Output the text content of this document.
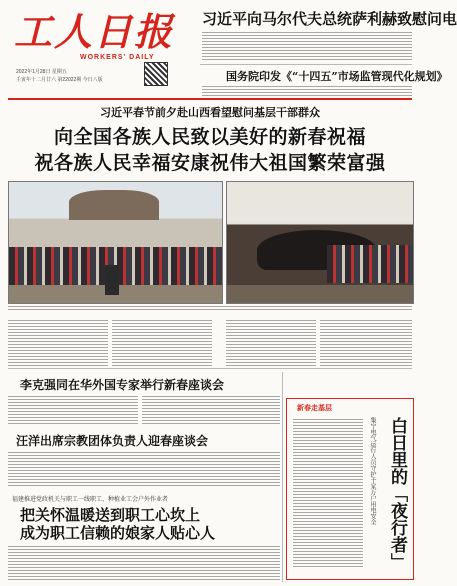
工人日报
WORKERS' DAILY
2022年1月28日 星期五
壬寅年十二月廿六 第22022期 今日八版
习近平向马尔代夫总统萨利赫致慰问电
国务院印发《“十四五”市场监管现代化规划》
习近平春节前夕赴山西看望慰问基层干部群众
向全国各族人民致以美好的新春祝福
祝各族人民幸福安康祝伟大祖国繁荣富强
李克强同在华外国专家举行新春座谈会
汪洋出席宗教团体负责人迎春座谈会
福建推进党政机关与职工一线职工、种植业工会户外作业者
把关怀温暖送到职工心坎上
成为职工信赖的娘家人贴心人
新春走基层
集宁电气运行人员守护千家万户用电安全 白日里的「夜行者」
